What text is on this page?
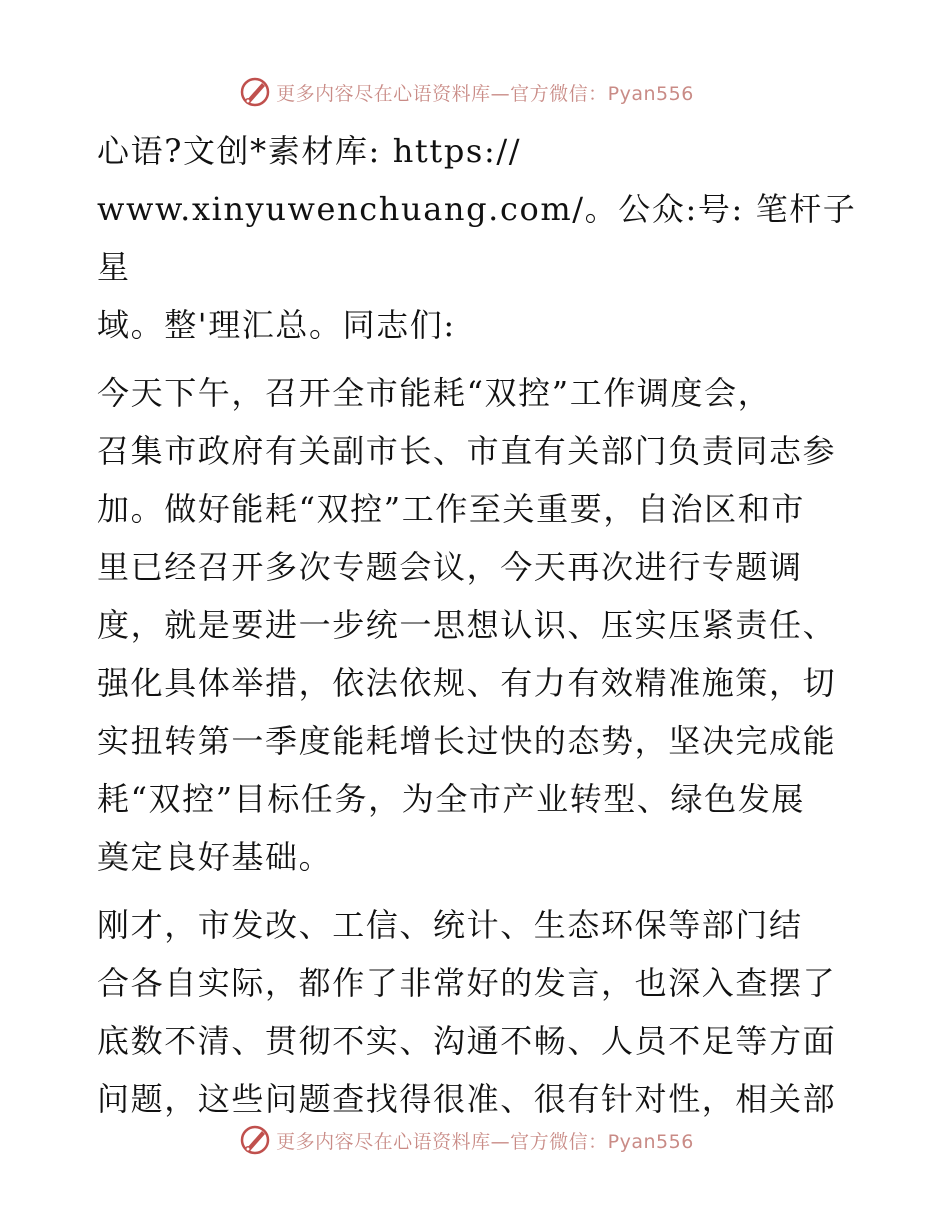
更多内容尽在心语资料库—官方微信：Pyan556

心语?文创*素材库: https://
www.xinyuwenchuang.com/。公众:号: 笔杆子星
域。整'理汇总。同志们:

今天下午，召开全市能耗“双控”工作调度会，
召集市政府有关副市长、市直有关部门负责同志参
加。做好能耗“双控”工作至关重要，自治区和市
里已经召开多次专题会议，今天再次进行专题调
度，就是要进一步统一思想认识、压实压紧责任、
强化具体举措，依法依规、有力有效精准施策，切
实扭转第一季度能耗增长过快的态势，坚决完成能
耗“双控”目标任务，为全市产业转型、绿色发展
奠定良好基础。

刚才，市发改、工信、统计、生态环保等部门结
合各自实际，都作了非常好的发言，也深入查摆了
底数不清、贯彻不实、沟通不畅、人员不足等方面
问题，这些问题查找得很准、很有针对性，相关部

更多内容尽在心语资料库—官方微信：Pyan556
